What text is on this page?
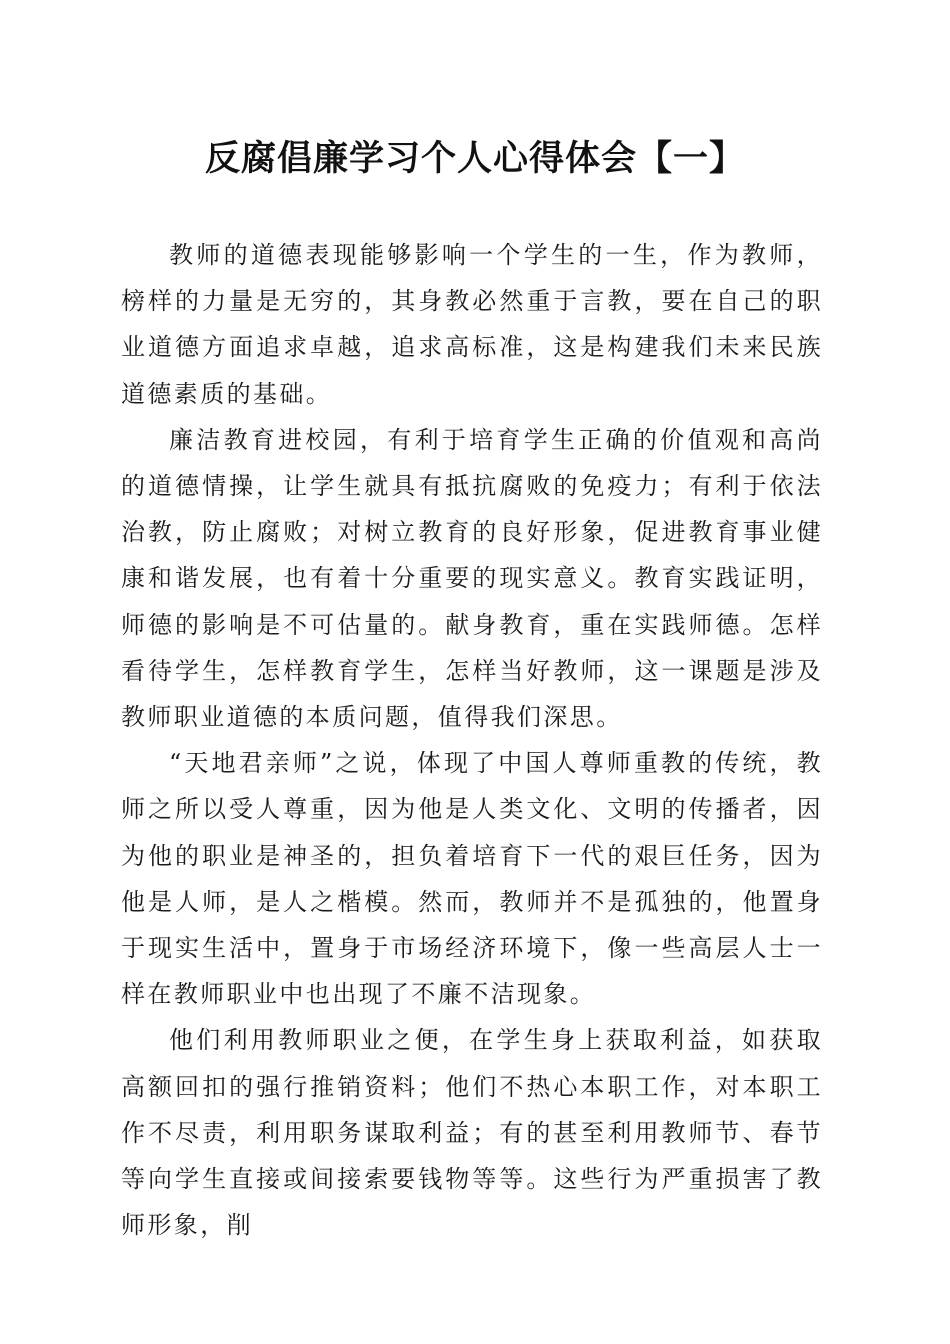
反腐倡廉学习个人心得体会【一】

教师的道德表现能够影响一个学生的一生，作为教师，榜样的力量是无穷的，其身教必然重于言教，要在自己的职业道德方面追求卓越，追求高标准，这是构建我们未来民族道德素质的基础。

廉洁教育进校园，有利于培育学生正确的价值观和高尚的道德情操，让学生就具有抵抗腐败的免疫力；有利于依法治教，防止腐败；对树立教育的良好形象，促进教育事业健康和谐发展，也有着十分重要的现实意义。教育实践证明，师德的影响是不可估量的。献身教育，重在实践师德。怎样看待学生，怎样教育学生，怎样当好教师，这一课题是涉及教师职业道德的本质问题，值得我们深思。

“天地君亲师”之说，体现了中国人尊师重教的传统，教师之所以受人尊重，因为他是人类文化、文明的传播者，因为他的职业是神圣的，担负着培育下一代的艰巨任务，因为他是人师，是人之楷模。然而，教师并不是孤独的，他置身于现实生活中，置身于市场经济环境下，像一些高层人士一样在教师职业中也出现了不廉不洁现象。

他们利用教师职业之便，在学生身上获取利益，如获取高额回扣的强行推销资料；他们不热心本职工作，对本职工作不尽责，利用职务谋取利益；有的甚至利用教师节、春节等向学生直接或间接索要钱物等等。这些行为严重损害了教师形象，削
